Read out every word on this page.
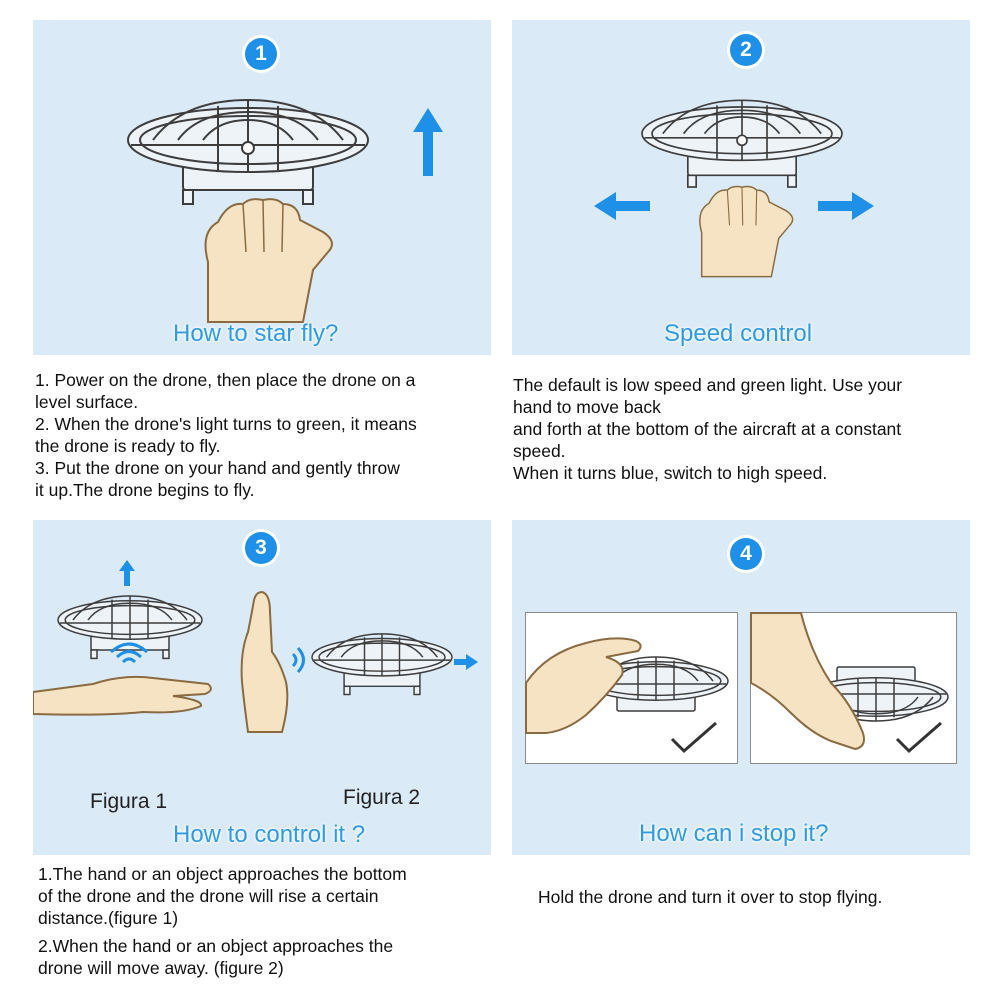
1
How to star fly?

1. Power on the drone, then place the drone on a

level surface.

2. When the drone's light turns to green, it means

the drone is ready to fly.

3. Put the drone on your hand and gently throw

it up.The drone begins to fly.

2
Speed control

The default is low speed and green light. Use your

hand to move back

and forth at the bottom of the aircraft at a constant

speed.

When it turns blue, switch to high speed.

3
Figura 1	Figura 2
How to control it ?

1.The hand or an object approaches the bottom

of the drone and the drone will rise a certain

distance.(figure 1)

2.When the hand or an object approaches the

drone will move away. (figure 2)

4
How can i stop it?

Hold the drone and turn it over to stop flying.
